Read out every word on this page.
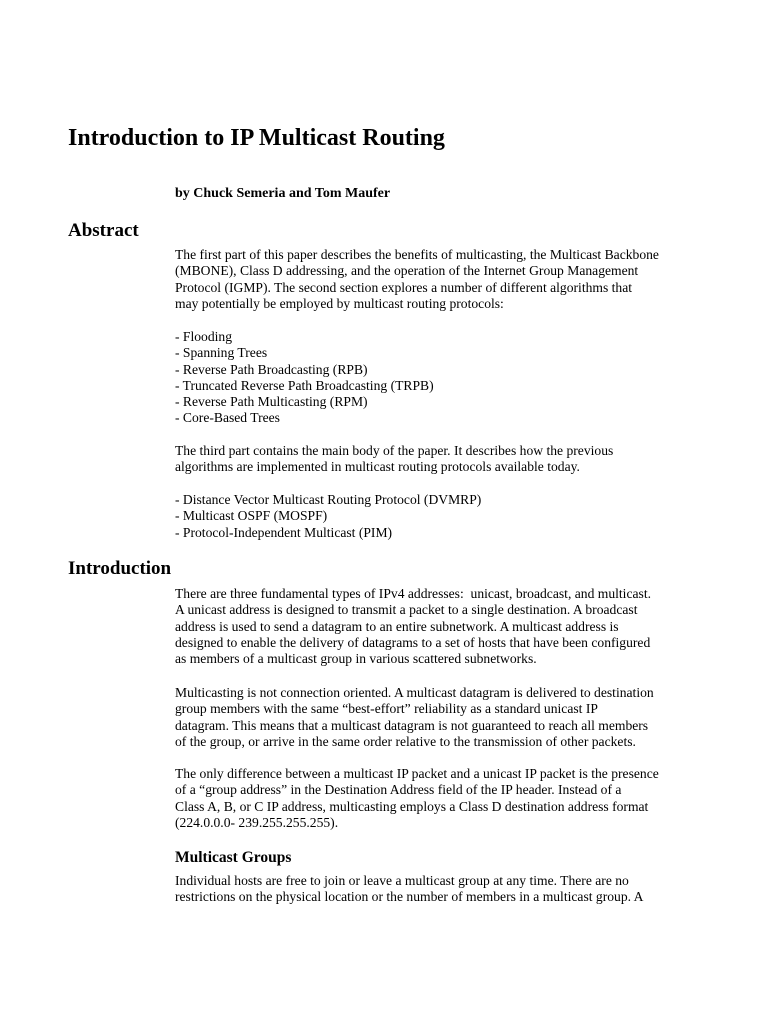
Introduction to IP Multicast Routing

by Chuck Semeria and Tom Maufer

Abstract
The first part of this paper describes the benefits of multicasting, the Multicast Backbone
(MBONE), Class D addressing, and the operation of the Internet Group Management
Protocol (IGMP). The second section explores a number of different algorithms that
may potentially be employed by multicast routing protocols:
- Flooding
- Spanning Trees
- Reverse Path Broadcasting (RPB)
- Truncated Reverse Path Broadcasting (TRPB)
- Reverse Path Multicasting (RPM)
- Core-Based Trees
The third part contains the main body of the paper. It describes how the previous
algorithms are implemented in multicast routing protocols available today.
- Distance Vector Multicast Routing Protocol (DVMRP)
- Multicast OSPF (MOSPF)
- Protocol-Independent Multicast (PIM)
Introduction
There are three fundamental types of IPv4 addresses:  unicast, broadcast, and multicast.
A unicast address is designed to transmit a packet to a single destination. A broadcast
address is used to send a datagram to an entire subnetwork. A multicast address is
designed to enable the delivery of datagrams to a set of hosts that have been configured
as members of a multicast group in various scattered subnetworks.
Multicasting is not connection oriented. A multicast datagram is delivered to destination
group members with the same “best-effort” reliability as a standard unicast IP
datagram. This means that a multicast datagram is not guaranteed to reach all members
of the group, or arrive in the same order relative to the transmission of other packets.
The only difference between a multicast IP packet and a unicast IP packet is the presence
of a “group address” in the Destination Address field of the IP header. Instead of a
Class A, B, or C IP address, multicasting employs a Class D destination address format
(224.0.0.0- 239.255.255.255).
Multicast Groups
Individual hosts are free to join or leave a multicast group at any time. There are no
restrictions on the physical location or the number of members in a multicast group. A
